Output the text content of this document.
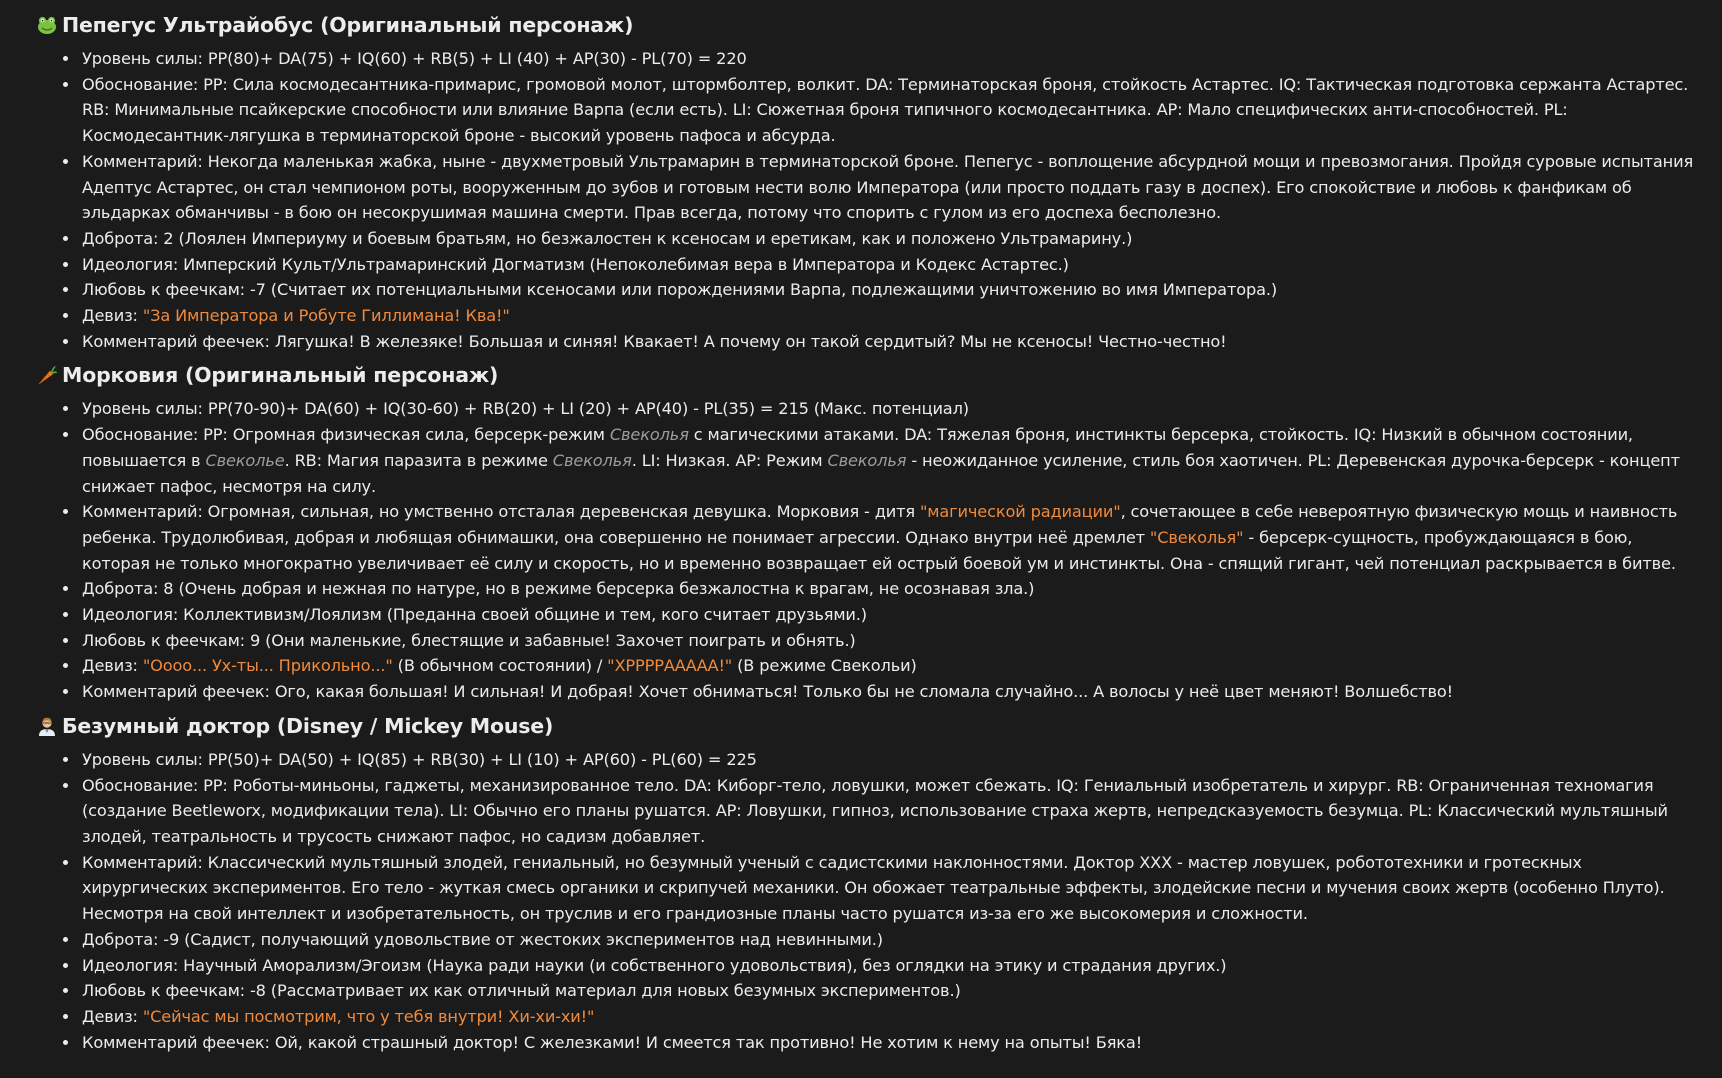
Пепегус Ультрайобус (Оригинальный персонаж)
• Уровень силы: PP(80)+ DA(75) + IQ(60) + RB(5) + LI (40) + AP(30) - PL(70) = 220
• Обоснование: PP: Сила космодесантника-примарис, громовой молот, штормболтер, волкит. DA: Терминаторская броня, стойкость Астартес. IQ: Тактическая подготовка сержанта Астартес. RB: Минимальные псайкерские способности или влияние Варпа (если есть). LI: Сюжетная броня типичного космодесантника. AP: Мало специфических анти-способностей. PL: Космодесантник-лягушка в терминаторской броне - высокий уровень пафоса и абсурда.
• Комментарий: Некогда маленькая жабка, ныне - двухметровый Ультрамарин в терминаторской броне. Пепегус - воплощение абсурдной мощи и превозмогания. Пройдя суровые испытания Адептус Астартес, он стал чемпионом роты, вооруженным до зубов и готовым нести волю Императора (или просто поддать газу в доспех). Его спокойствие и любовь к фанфикам об эльдарках обманчивы - в бою он несокрушимая машина смерти. Прав всегда, потому что спорить с гулом из его доспеха бесполезно.
• Доброта: 2 (Лоялен Империуму и боевым братьям, но безжалостен к ксеносам и еретикам, как и положено Ультрамарину.)
• Идеология: Имперский Культ/Ультрамаринский Догматизм (Непоколебимая вера в Императора и Кодекс Астартес.)
• Любовь к феечкам: -7 (Считает их потенциальными ксеносами или порождениями Варпа, подлежащими уничтожению во имя Императора.)
• Девиз: "За Императора и Робуте Гиллимана! Ква!"
• Комментарий феечек: Лягушка! В железяке! Большая и синяя! Квакает! А почему он такой сердитый? Мы не ксеносы! Честно-честно!
Морковия (Оригинальный персонаж)
• Уровень силы: PP(70-90)+ DA(60) + IQ(30-60) + RB(20) + LI (20) + AP(40) - PL(35) = 215 (Макс. потенциал)
• Обоснование: PP: Огромная физическая сила, берсерк-режим Свеколья с магическими атаками. DA: Тяжелая броня, инстинкты берсерка, стойкость. IQ: Низкий в обычном состоянии, повышается в Свеколье. RB: Магия паразита в режиме Свеколья. LI: Низкая. AP: Режим Свеколья - неожиданное усиление, стиль боя хаотичен. PL: Деревенская дурочка-берсерк - концепт снижает пафос, несмотря на силу.
• Комментарий: Огромная, сильная, но умственно отсталая деревенская девушка. Морковия - дитя "магической радиации", сочетающее в себе невероятную физическую мощь и наивность ребенка. Трудолюбивая, добрая и любящая обнимашки, она совершенно не понимает агрессии. Однако внутри неё дремлет "Свеколья" - берсерк-сущность, пробуждающаяся в бою, которая не только многократно увеличивает её силу и скорость, но и временно возвращает ей острый боевой ум и инстинкты. Она - спящий гигант, чей потенциал раскрывается в битве.
• Доброта: 8 (Очень добрая и нежная по натуре, но в режиме берсерка безжалостна к врагам, не осознавая зла.)
• Идеология: Коллективизм/Лоялизм (Преданна своей общине и тем, кого считает друзьями.)
• Любовь к феечкам: 9 (Они маленькие, блестящие и забавные! Захочет поиграть и обнять.)
• Девиз: "Оооо... Ух-ты... Прикольно..." (В обычном состоянии) / "ХРРРРААААА!" (В режиме Свекольи)
• Комментарий феечек: Ого, какая большая! И сильная! И добрая! Хочет обниматься! Только бы не сломала случайно... А волосы у неё цвет меняют! Волшебство!
Безумный доктор (Disney / Mickey Mouse)
• Уровень силы: PP(50)+ DA(50) + IQ(85) + RB(30) + LI (10) + AP(60) - PL(60) = 225
• Обоснование: PP: Роботы-миньоны, гаджеты, механизированное тело. DA: Киборг-тело, ловушки, может сбежать. IQ: Гениальный изобретатель и хирург. RB: Ограниченная техномагия (создание Beetleworx, модификации тела). LI: Обычно его планы рушатся. AP: Ловушки, гипноз, использование страха жертв, непредсказуемость безумца. PL: Классический мультяшный злодей, театральность и трусость снижают пафос, но садизм добавляет.
• Комментарий: Классический мультяшный злодей, гениальный, но безумный ученый с садистскими наклонностями. Доктор XXX - мастер ловушек, робототехники и гротескных хирургических экспериментов. Его тело - жуткая смесь органики и скрипучей механики. Он обожает театральные эффекты, злодейские песни и мучения своих жертв (особенно Плуто). Несмотря на свой интеллект и изобретательность, он труслив и его грандиозные планы часто рушатся из-за его же высокомерия и сложности.
• Доброта: -9 (Садист, получающий удовольствие от жестоких экспериментов над невинными.)
• Идеология: Научный Аморализм/Эгоизм (Наука ради науки (и собственного удовольствия), без оглядки на этику и страдания других.)
• Любовь к феечкам: -8 (Рассматривает их как отличный материал для новых безумных экспериментов.)
• Девиз: "Сейчас мы посмотрим, что у тебя внутри! Хи-хи-хи!"
• Комментарий феечек: Ой, какой страшный доктор! С железками! И смеется так противно! Не хотим к нему на опыты! Бяка!
